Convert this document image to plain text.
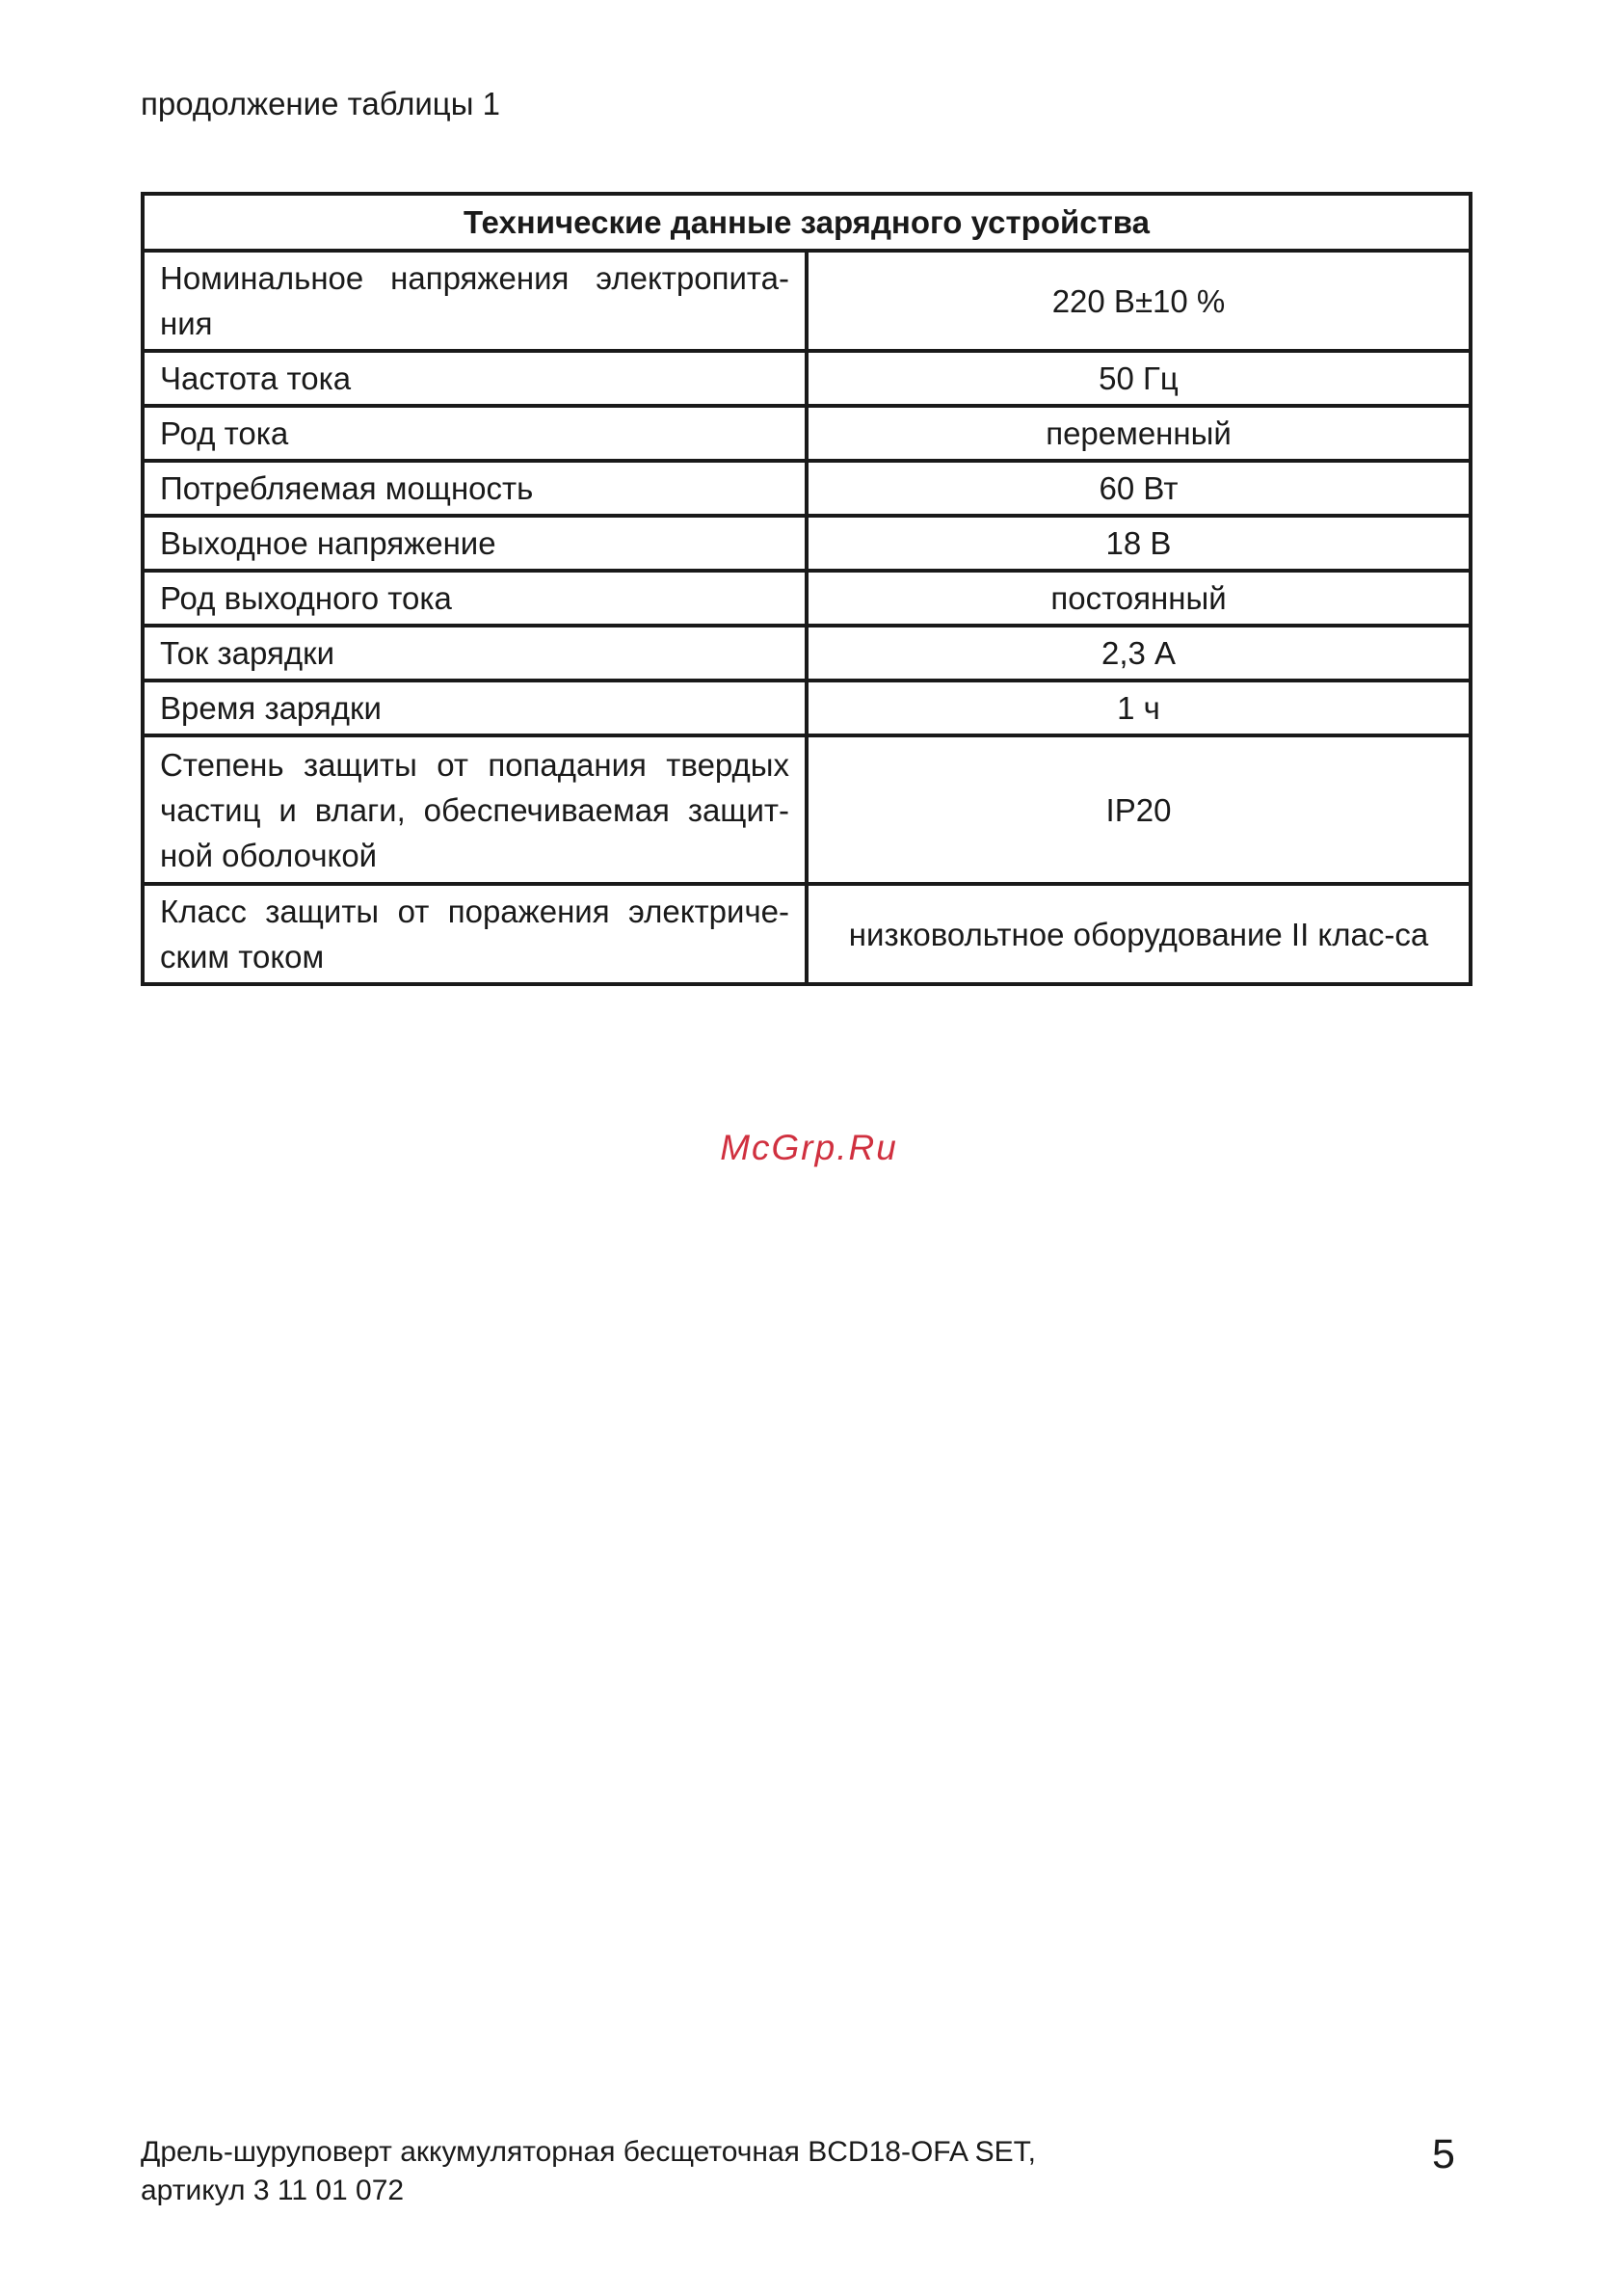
продолжение таблицы 1
Технические данные зарядного устройства	
Номинальное напряжения электропита-ния	220 В±10 %
Частота тока	50 Гц
Род тока	переменный
Потребляемая мощность	60 Вт
Выходное напряжение	18 В
Род выходного тока	постоянный
Ток зарядки	2,3 А
Время зарядки	1 ч
Степень защиты от попадания твердых частиц и влаги, обеспечиваемая защит-ной оболочкой	IP20
Класс защиты от поражения электриче-ским током	низковольтное оборудование II клас-са
McGrp.Ru
Дрель-шуруповерт аккумуляторная бесщеточная BCD18-OFA SET,
артикул 3 11 01 072
5
